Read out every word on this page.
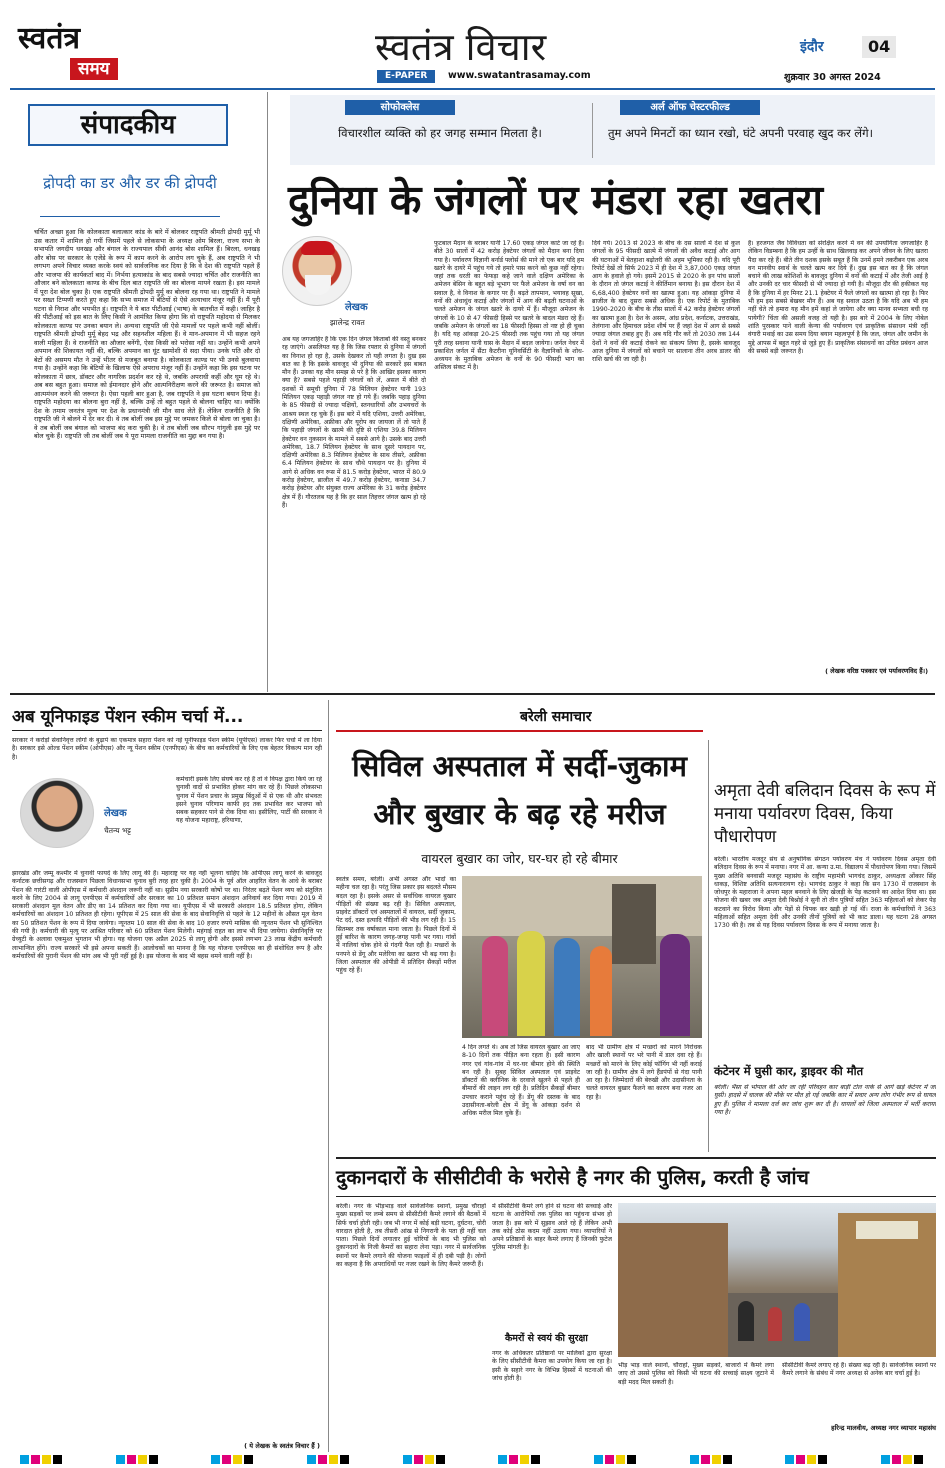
स्वतंत्र
समय	स्वतंत्र विचार
E-PAPER	www.swatantrasamay.com
इंदौर	04
शुक्रवार 30 अगस्त 2024
संपादकीय
द्रोपदी का डर और डर की द्रोपदी
चर्चित अच्छा हुआ कि कोलकाता बलात्कार कांड के बारे में बोलकर राष्ट्रपति श्रीमती द्रोपदी मुर्मू भी उस कतार में शामिल हो गयीं जिसमें पहले से लोकसभा के अध्यक्ष ओम बिरला, राज्य सभा के सभापति जगदीप धनखड़ और बंगाल के राज्यपाल सीवी आनंद बोस शामिल हैं। बिरला, धनखड़ और बोस पर सरकार के एजेंडे के रूप में काम करने के आरोप लग चुके हैं, अब राष्ट्रपति ने भी लगभग अपने विचार व्यक्त करके स्वयं को सार्वजनिक कर दिया है कि वे देश की राष्ट्रपति पहले हैं और भाजपा की कार्यकर्ता बाद में। निर्भया हत्याकांड के बाद सबसे ज्यादा चर्चित और राजनीति का औजार बने कोलकाता काण्ड के बीच दिल बात राष्ट्रपति जी का बोलना मायने रखता है। इस मामले में पूरा देश बोल चुका है। एक राष्ट्रपति श्रीमती द्रोपदी मुर्मू का बोलना रह गया था। राष्ट्रपति ने मामले पर सख्त टिप्पणी करते हुए कहा कि सभ्य समाज में बेटियों से ऐसे अत्याचार मंजूर नहीं हैं। मैं पूरी घटना से निराश और भयभीत हूं। राष्ट्रपति ने ये बात पीटीआई (भाषा) के बातचीत में कही। जाहिर है की पीटीआई को इस बात के लिए किसी ने आमंत्रित किया होगा कि वो राष्ट्रपति महोदया से मिलकर कोलकाता काण्ड पर उनका बयान ले। अन्यथा राष्ट्रपति जी ऐसे मामलों पर पहले कभी नहीं बोलीं। राष्ट्रपति श्रीमती द्रोपदी मुर्मू बेहद भद्र और सहनशील महिला हैं। वे मान-अपमान में भी सहज रहने वाली महिला हैं। वे राजनीति का औजार बनेंगी, ऐसा किसी को भरोसा नहीं था। उन्होंने कभी अपने अपमान की शिकायत नहीं की, बल्कि अपमान का घूंट खामोशी से सदा पीया। उनके पति और दो बेटों की असमय मौत ने उन्हें भीतर से मजबूत बनाया है। कोलकाता काण्ड पर भी उनसे बुलवाया गया है। उन्होंने कहा कि बेटियों के खिलाफ ऐसे अपराध मंजूर नहीं हैं। उन्होंने कहा कि इस घटना पर कोलकाता में छात्र, डॉक्टर और नागरिक प्रदर्शन कर रहे थे, जबकि अपराधी कहीं और घूम रहे थे। अब बस बहुत हुआ। समाज को ईमानदार होने और आत्मनिरीक्षण करने की जरूरत है। समाज को आत्ममंथन करने की जरूरत है। ऐसा पहली बार हुआ है, जब राष्ट्रपति ने इस घटना बयान दिया है। राष्ट्रपति महोदया का बोलना बुरा नहीं है, बल्कि उन्हें तो बहुत पहले से बोलना चाहिए था। क्योंकि देश के तमाम जनतंत्र मूल्य पर देश के प्रधानमंत्री जी मौन साध लेते हैं। लेकिन राजनीति है कि राष्ट्रपति जी ने बोलने में देर कर दी। वे तब बोलीं जब इस मुद्दे पर जमकर किले से बोला जा चुका है। वे तब बोलीं जब बंगाल को भाजपा बंद करा चुकी है। वे तब बोलीं जब सौरभ गांगुली इस मुद्दे पर बोल चुके हैं। राष्ट्रपति जी तब बोलीं जब ये पूरा मामला राजनीति का मुद्दा बन गया है।
सोफोक्लेस
विचारशील व्यक्ति को हर जगह सम्मान मिलता है।
अर्ल ऑफ चेस्टरफील्ड
तुम अपने मिनटों का ध्यान रखो, घंटे अपनी परवाह खुद कर लेंगे।
दुनिया के जंगलों पर मंडरा रहा खतरा
लेखक
झालेन्द्र रावत
अब यह जगजाहिर है कि एक दिन जंगल किताबों की वस्तु बनकर रह जाएंगे। असलियत यह है कि जिस रफ्तार से दुनिया में जंगलों का विनाश हो रहा है, उसके देखकर तो यही लगता है। दुख इस बात का है कि इसके बावजूद भी दुनिया की सरकारें इस बाबत मौन हैं। उनका यह मौन समझ से परे है कि आखिर इसका कारण क्या है? सबसे पहले पहाड़ी जंगलों को लें, असल में बीते दो दशकों में समूची दुनिया में 78 मिलियन हेक्टेयर यानी 193 मिलियन एकड़ पहाड़ी जंगल नष्ट हो गये हैं। जबकि पहाड़ दुनिया के 85 फीसदी से ज्यादा पक्षियों, स्तनधारियों और उभयचरों के आश्रय स्थल रह चुके हैं। इस बारे में यदि एशिया, उत्तरी अमेरिका, दक्षिणी अमेरिका, अफ्रीका और यूरोप का जायजा लें तो पाते हैं कि पहाड़ी जंगलों के खात्मे की दृष्टि से एशिया 39.8 मिलियन हेक्टेयर वन नुकसान के मामले में सबसे आगे है। उसके बाद उत्तरी अमेरिका, 18.7 मिलियन हेक्टेयर के साथ दूसरे पायदान पर, दक्षिणी अमेरिका 8.3 मिलियन हेक्टेयर के साथ तीसरे, अफ्रीका 6.4 मिलियन हेक्टेयर के साथ चौथे पायदान पर है। दुनिया में आगे से अधिक वन रूस में 81.5 करोड़ हेक्टेयर, भारत में 80.9 करोड़ हेक्टेयर, ब्राजील में 49.7 करोड़ हेक्टेयर, कनाडा 34.7 करोड़ हेक्टेयर और संयुक्त राज्य अमेरिका के 31 करोड़ हेक्टेयर क्षेत्र में हैं। गौरतलब यह है कि हर साल तिहत्तर जंगल खत्म हो रहे हैं।
फुटबाल मैदान के बराबर यानी 17.60 एकड़ जंगल काटे जा रहे हैं। बीते 30 सालों में 42 करोड़ हेक्टेयर जंगलों को मैदान बना दिया गया है। पर्यावरण विज्ञानी बर्नार्ड फ्लोर्स की माने तो एक बार यदि हम खतरे के दायरे में पहुंच गये तो हमारे पास करने को कुछ नहीं रहेगा। जहां तक धरती का फेफड़ा कहे जाने वाले दक्षिण अमेरिका के अमेजन बेसिन के बहुत बड़े भूभाग पर फैले अमेजन के वर्षा वन का सवाल है, वे विनाश के कगार पर हैं। बढ़ते तापमान, भयावह सूखा, वनों की अंधाधुंध कटाई और जंगलों में आग की बढ़ती घटनाओं के चलते अमेजन के जंगल खतरे के दायरे में हैं। मौजूदा अमेजन के जंगलों के 10 से 47 फीसदी हिस्से पर खतरे के बादल मंडरा रहे हैं। जबकि अमेजन के जंगलों का 18 फीसदी हिस्सा तो नष्ट हो ही चुका है। यदि यह आंकड़ा 20-25 फीसदी तक पहुंच गया तो यह जंगल पूरी तरह सवाना यानी घास के मैदान में बदल जायेगा। जर्नल नेचर में प्रकाशित जर्नल में सैंटा कैटरीना यूनिवर्सिटी के वैज्ञानिकों के शोध-अध्ययन के मुताबिक अमेजन के वनों के 90 फीसदी भाग का अस्तित्व संकट में है।
दिये गये। 2013 से 2023 के बीच के दस सालों में देश से कुल जंगलों के 95 फीसदी खात्मे में जंगलों की अवैध कटाई और आग की घटनाओं में बेतहाशा बढ़ोतरी की अहम भूमिका रही है। यदि पूरी रिपोर्ट देखें तो सिर्फ 2023 में ही देश में 3,87,000 एकड़ जंगल आग के हवाले हो गये। इसमें 2015 से 2020 के इन पांच सालों के दौरान तो जंगल कटाई ने कीर्तिमान बनाया है। इस दौरान देश में 6,68,400 हेक्टेयर वनों का खात्मा हुआ। यह आंकड़ा दुनिया में ब्राजील के बाद दूसरा सबसे अधिक है। एक रिपोर्ट के मुताबिक 1990-2020 के बीच के तीस सालों में 42 करोड़ हेक्टेयर जंगलों का खात्मा हुआ है। देश के असम, आंध्र प्रदेश, कर्नाटक, उत्तराखंड, तेलंगाना और हिमाचल प्रदेश शीर्ष पर हैं जहां देश में आग से सबसे ज्यादा जंगल तबाह हुए हैं। अब यदि गौर करें तो 2030 तक 144 देशों ने वनों की कटाई रोकने का संकल्प लिया है, इसके बावजूद आज दुनिया में जंगलों को बचाने पर सालाना तीन अरब डालर की राशि खर्च की जा रही है।
है। हरजगत जैव विविधता को संरक्षित करने में वन की उपयोगिता जगजाहिर है लेकिन विडम्बना है कि हम उन्हीं के साथ खिलवाड़ कर अपने जीवन के लिए खतरा पैदा कर रहे हैं। बीते तीन दशक इसके सबूत हैं कि उनमें हमने तकरीबन एक अरब वन मानवीय स्वार्थ के चलते खत्म कर दिये हैं। दुख इस बात का है कि जंगल बचाने की लाख कोशिशों के बावजूद दुनिया में वनों की कटाई में और तेजी आई है और उनकी दर चार फीसदी से भी ज्यादा हो गयी है। मौजूदा दौर की हकीकत यह है कि दुनिया में हर मिनट 21.1 हेक्टेयर में फैले जंगलों का खात्मा हो रहा है। फिर भी हम इस सबसे बेखबर मौन हैं। अब यह सवाल उठता है कि यदि अब भी हम नहीं चेते तो हमारा यह मौन हमें कहां ले जायेगा और क्या मानव सभ्यता बची रह पायेगी? चिंता की असली वजह तो यही है। इस बारे में 2004 के लिए नोबेल शांति पुरस्कार पाने वाली केन्या की पर्यावरण एवं प्राकृतिक संसाधन मंत्री रहीं वंगारी मथाई का उस समय दिया बयान महत्वपूर्ण है कि जल, जंगल और जमीन के मुद्दे आपस में बहुत गहरे से जुड़े हुए हैं। प्राकृतिक संसाधनों का उचित प्रबंधन आज की सबसे बड़ी जरूरत है।
( लेखक वरिष्ठ पत्रकार एवं पर्यावरणविद हैं।)
अब यूनिफाइड पेंशन स्कीम चर्चा में...
सरकार ने करोड़ों सेवानिवृत्त लोगों के बुढ़ापे का एकमात्र सहारा पेंशन को नई यूनीफाइड पेंशन स्कीम (यूपीएस) लाकर फिर चर्चा में ला दिया है। सरकार इसे ओल्ड पेंशन स्कीम (ओपीएस) और न्यू पेंशन स्कीम (एनपीएस) के बीच का कर्मचारियों के लिए एक बेहतर विकल्प मान रही है।
लेखक
चैतन्य भट्ट
कर्मचारी इसके लिए संघर्ष कर रहे हैं तो वे विपक्ष द्वारा किये जा रहे चुनावी वादों से प्रभावित होकर मांग कर रहे हैं। पिछले लोकसभा चुनाव में पेंशन प्रचार के प्रमुख बिंदुओं में से एक थी और संभवतः इसने चुनाव परिणाम काफी हद तक प्रभावित कर भाजपा को सबक सहकार पाने से रोक दिया था। इसीलिए, पार्टी की सरकार ने यह योजना महाराष्ट्र, हरियाणा,
झारखंड और जम्मू कश्मीर में चुनावी फायदे के लिए लागू की है। महाराष्ट्र पर यह नहीं भूलना चाहिए कि ओपीएस लागू करने के बावजूद कर्नाटक छत्तीसगढ़ और राजस्थान पिछला विधानसभा चुनाव बुरी तरह हार चुकी है। 2004 के पूर्व ऑल आहरित वेतन के आधे के बराबर पेंशन की गारंटी वाली ओपीएस में कर्मचारी अंशदान जरूरी नहीं था। सुप्रीम नया सरकारी कोषों पर था। निरंतर बढ़ते पेंशन व्यय को संतुलित करने के लिए 2004 से लागू एनपीएस में कर्मचारियों और सरकार का 10 प्रतिशत समान अंशदान अनिवार्य कर दिया गया। 2019 में सरकारी अंशदान मूल वेतन और डीए का 14 प्रतिशत कर दिया गया था। यूपीएस में भी सरकारी अंशदान 18.5 प्रतिशत होगा, लेकिन कर्मचारियों का अंशदान 10 प्रतिशत ही रहेगा। यूपीएस में 25 साल की सेवा के बाद सेवानिवृत्ति से पहले के 12 महीनों के औसत मूल वेतन का 50 प्रतिशत पेंशन के रूप में दिया जायेगा। न्यूनतम 10 साल की सेवा के बाद 10 हजार रुपये मासिक की न्यूनतम पेंशन भी सुनिश्चित की गयी है। कर्मचारी की मृत्यु पर आश्रित परिवार को 60 प्रतिशत पेंशन मिलेगी। महंगाई राहत का लाभ भी दिया जायेगा। सेवानिवृत्ति पर ग्रेच्युटी के अलावा एकमुश्त भुगतान भी होगा। यह योजना एक अप्रैल 2025 से लागू होगी और इससे लगभग 23 लाख केंद्रीय कर्मचारी लाभान्वित होंगे। राज्य सरकारें भी इसे अपना सकती हैं। आलोचकों का मानना है कि यह योजना एनपीएस का ही संशोधित रूप है और कर्मचारियों की पुरानी पेंशन की मांग अब भी पूरी नहीं हुई है। इस योजना के बाद भी बहस थमने वाली नहीं है।
( ये लेखक के स्वतंत्र विचार हैं )
बरेली समाचार
सिविल अस्पताल में सर्दी-जुकाम
और बुखार के बढ़ रहे मरीज
वायरल बुखार का जोर, घर-घर हो रहे बीमार
स्वतंत्र समय, बरेली। अभी अगस्त और भादों का महीना चल रहा है। परंतु जिस प्रकार इस बदलते मौसम बदल रहा है। इसके असर से सर्वाधिक वायरल बुखार पीड़ितों की संख्या बढ़ रही है। सिविल अस्पताल, प्राइवेट डॉक्टरों एवं अस्पतालों में वायरल, सर्दी जुकाम, पेट दर्द, दस्त इत्यादि पीड़ितों की भीड़ लग रही है। 15 सितम्बर तक वर्षाकाल माना जाता है। पिछले दिनों में हुई बारिश के कारण जगह-जगह पानी भर गया। गांवों में नालियां चोक होने से गंदगी फैल रही है। मच्छरों के पनपने से डेंगू और मलेरिया का खतरा भी बढ़ गया है। जिला अस्पताल की ओपीडी में प्रतिदिन सैकड़ों मरीज पहुंच रहे हैं।
4 दिन लगते थे। अब तो जिस वायरल बुखार आ जाए 8-10 दिनों तक पीड़ित बना रहता है। इसी कारण नगर एवं गांव-गांव में घर-घर बीमार होने की स्थिति बन रही है। सुबह सिविल अस्पताल एवं प्राइवेट डॉक्टरों की क्लीनिक के दरवाजे खुलने से पहले ही बीमारों की लाइन लग रही है। प्रतिदिन सैकड़ों बीमार उपचार कराने पहुंच रहे हैं। डेंगू की दस्तक के बाद उदासीनता-बरेली क्षेत्र में डेंगू के आंकड़ा दर्शन से अधिक मरीज मिल चुके हैं।
बाद भी ग्रामीण क्षेत्र में मच्छरों को मारने निरोधक और खाली स्थानों पर भरे पानी में डाल दवा रहे हैं। मच्छरों को मारने के लिए कोई फॉगिंग भी नहीं कराई जा रही है। ग्रामीण क्षेत्र में लगे हैंडपंपों से गंदा पानी आ रहा है। जिम्मेदारों की बेरुखी और उदासीनता के चलते वायरल बुखार फैलने का कारण बना नजर आ रहा है।
अमृता देवी बलिदान दिवस के रूप में मनाया पर्यावरण दिवस, किया पौधारोपण
बरेली। भारतीय मजदूर संघ से अनुषांगिक संगठन पर्यावरण मंच ने पर्यावरण दिवस अमृता देवी बलिदान दिवस के रूप में मनाया। नगर में आ. कन्या उ.मा. विद्यालय में पौधारोपण किया गया। जिसमें मुख्य अतिथि बनवासी मजदूर महासंघ के राष्ट्रीय महामंत्री भागचंद ठाकुर, अध्यक्षता ओंकार सिंह धाकड़, विशिष्ट अतिथि सत्यनारायण रहे। भागचंद ठाकुर ने कहा कि सन 1730 में राजस्थान के जोधपुर के महाराजा ने अपना महल बनवाने के लिए खेजड़ी के पेड़ कटवाने का आदेश दिया था। इस योजना की खबर जब अमृता देवी बिश्नोई ने सुनी तो तीन पुत्रियों सहित 363 महिलाओं को लेकर पेड़ कटवाने का विरोध किया और पेड़ों से चिपक कर खड़ी हो गई थीं। राजा के कर्मचारियों ने 363 महिलाओं सहित अमृता देवी और उनकी तीनों पुत्रियों को भी काट डाला। यह घटना 28 अगस्त 1730 की है। तब से यह दिवस पर्यावरण दिवस के रूप में मनाया जाता है।
कंटेनर में घुसी कार, ड्राइवर की मौत
बरेली। भैंसा से भोपाल की ओर जा रही परिवहन कार बाड़ी टोल नाके से आगे खड़े कंटेनर में जा घुसी। हादसे में चालक की मौके पर मौत हो गई जबकि कार में सवार अन्य लोग गंभीर रूप से घायल हुए हैं। पुलिस ने मामला दर्ज कर जांच शुरू कर दी है। घायलों को जिला अस्पताल में भर्ती कराया गया है।
दुकानदारों के सीसीटीवी के भरोसे है नगर की पुलिस, करती है जांच
बरेली। नगर के भीड़भाड़ वाले सार्वजनिक स्थानों, प्रमुख चौराहों मुख्य सड़कों पर लम्बे समय से सीसीटीवी कैमरे लगाने की बैठकों में सिर्फ चर्चा होती रही। जब भी नगर में कोई बड़ी घटना, दुर्घटना, चोरी वारदात होती है, तब तीसरी आंख से निगरानी के पता ही नहीं चल पाता। पिछले दिनों लगातार हुई चोरियों के बाद भी पुलिस को दुकानदारों के निजी कैमरों का सहारा लेना पड़ा। नगर में सार्वजनिक स्थानों पर कैमरे लगाने की योजना फाइलों में ही दबी पड़ी है। लोगों का कहना है कि अपराधियों पर नजर रखने के लिए कैमरे जरूरी हैं।
में सीसीटीवी कैमरे लगे होने से घटना की सच्चाई और घटना के आरोपियों तक पुलिस का पहुंचना संभव हो जाता है। इस बारे में सुझाव आते रहे हैं लेकिन अभी तक कोई ठोस कदम नहीं उठाया गया। व्यापारियों ने अपने प्रतिष्ठानों के बाहर कैमरे लगाए हैं जिनकी फुटेज पुलिस मांगती है।
कैमरों से स्वयं की सुरक्षा
नगर के अधिकतर प्रतिष्ठानों पर मालिकों द्वारा सुरक्षा के लिए सीसीटीवी कैमरा का उपयोग किया जा रहा है। इसी के सहारे नगर के विभिन्न हिस्सों में घटनाओं की जांच होती है।
भीड़ भाड़ वाले स्थानों, चौराहों, मुख्य सड़कों, बाजारों में कैमरे लगा जाए तो उससे पुलिस को किसी भी घटना की सच्चाई साक्ष्य जुटाने में बड़ी मदद मिल सकती है।
सीसीटीवी कैमरे लगाए रहे हैं। संख्या बढ़ रही है। सार्वजनिक स्थानों पर कैमरे लगाने के संबंध में नगर अध्यक्ष से अनेक बार चर्चा हुई है।
हरिन्द्र मालवीय, अध्यक्ष नगर व्यापार महासंघ
